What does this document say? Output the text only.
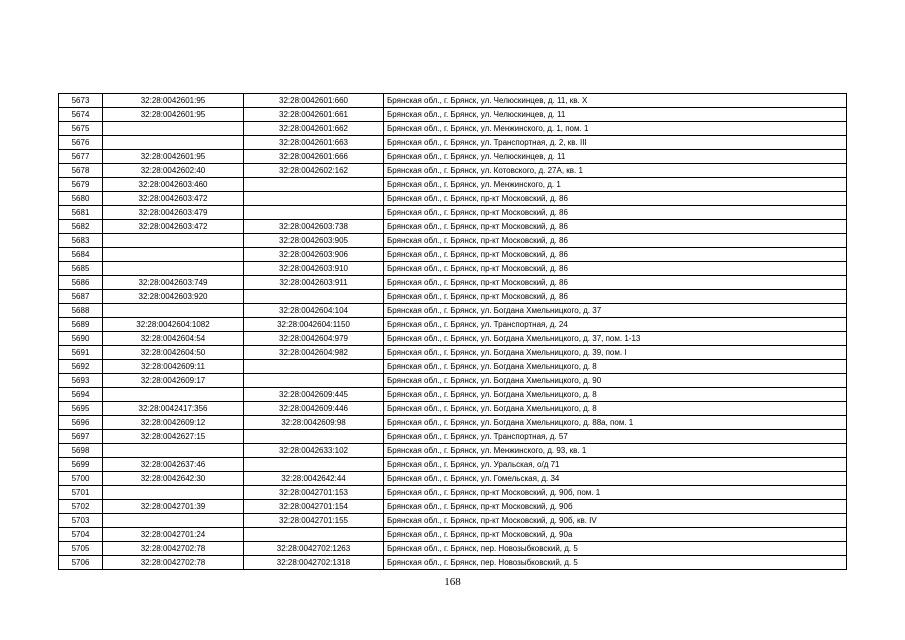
5673	32:28:0042601:95	32:28:0042601:660	Брянская обл., г. Брянск, ул. Челюскинцев, д. 11, кв. X
5674	32:28:0042601:95	32:28:0042601:661	Брянская обл., г. Брянск, ул. Челюскинцев, д. 11
5675		32:28:0042601:662	Брянская обл., г. Брянск, ул. Менжинского, д. 1, пом. 1
5676		32:28:0042601:663	Брянская обл., г. Брянск, ул. Транспортная, д. 2, кв. III
5677	32:28:0042601:95	32:28:0042601:666	Брянская обл., г. Брянск, ул. Челюскинцев, д. 11
5678	32:28:0042602:40	32:28:0042602:162	Брянская обл., г. Брянск, ул. Котовского, д. 27А, кв. 1
5679	32:28:0042603:460		Брянская обл., г. Брянск, ул. Менжинского, д. 1
5680	32:28:0042603:472		Брянская обл., г. Брянск, пр-кт Московский, д. 86
5681	32:28:0042603:479		Брянская обл., г. Брянск, пр-кт Московский, д. 86
5682	32:28:0042603:472	32:28:0042603:738	Брянская обл., г. Брянск, пр-кт Московский, д. 86
5683		32:28:0042603:905	Брянская обл., г. Брянск, пр-кт Московский, д. 86
5684		32:28:0042603:906	Брянская обл., г. Брянск, пр-кт Московский, д. 86
5685		32:28:0042603:910	Брянская обл., г. Брянск, пр-кт Московский, д. 86
5686	32:28:0042603:749	32:28:0042603:911	Брянская обл., г. Брянск, пр-кт Московский, д. 86
5687	32:28:0042603:920		Брянская обл., г. Брянск, пр-кт Московский, д. 86
5688		32:28:0042604:104	Брянская обл., г. Брянск, ул. Богдана Хмельницкого, д. 37
5689	32:28:0042604:1082	32:28:0042604:1150	Брянская обл., г. Брянск, ул. Транспортная, д. 24
5690	32:28:0042604:54	32:28:0042604:979	Брянская обл., г. Брянск, ул. Богдана Хмельницкого, д. 37, пом. 1-13
5691	32:28:0042604:50	32:28:0042604:982	Брянская обл., г. Брянск, ул. Богдана Хмельницкого, д. 39, пом. I
5692	32:28:0042609:11		Брянская обл., г. Брянск, ул. Богдана Хмельницкого, д. 8
5693	32:28:0042609:17		Брянская обл., г. Брянск, ул. Богдана Хмельницкого, д. 90
5694		32:28:0042609:445	Брянская обл., г. Брянск, ул. Богдана Хмельницкого, д. 8
5695	32:28:0042417:356	32:28:0042609:446	Брянская обл., г. Брянск, ул. Богдана Хмельницкого, д. 8
5696	32:28:0042609:12	32:28:0042609:98	Брянская обл., г. Брянск, ул. Богдана Хмельницкого, д. 88а, пом. 1
5697	32:28:0042627:15		Брянская обл., г. Брянск, ул. Транспортная, д. 57
5698		32:28:0042633:102	Брянская обл., г. Брянск, ул. Менжинского, д. 93, кв. 1
5699	32:28:0042637:46		Брянская обл., г. Брянск, ул. Уральская, о/д 71
5700	32:28:0042642:30	32:28:0042642:44	Брянская обл., г. Брянск, ул. Гомельская, д. 34
5701		32:28:0042701:153	Брянская обл., г. Брянск, пр-кт Московский, д. 90б, пом. 1
5702	32:28:0042701:39	32:28:0042701:154	Брянская обл., г. Брянск, пр-кт Московский, д. 90б
5703		32:28:0042701:155	Брянская обл., г. Брянск, пр-кт Московский, д. 90б, кв. IV
5704	32:28:0042701:24		Брянская обл., г. Брянск, пр-кт Московский, д. 90а
5705	32:28:0042702:78	32:28:0042702:1263	Брянская обл., г. Брянск, пер. Новозыбковский, д. 5
5706	32:28:0042702:78	32:28:0042702:1318	Брянская обл., г. Брянск, пер. Новозыбковский, д. 5
168
